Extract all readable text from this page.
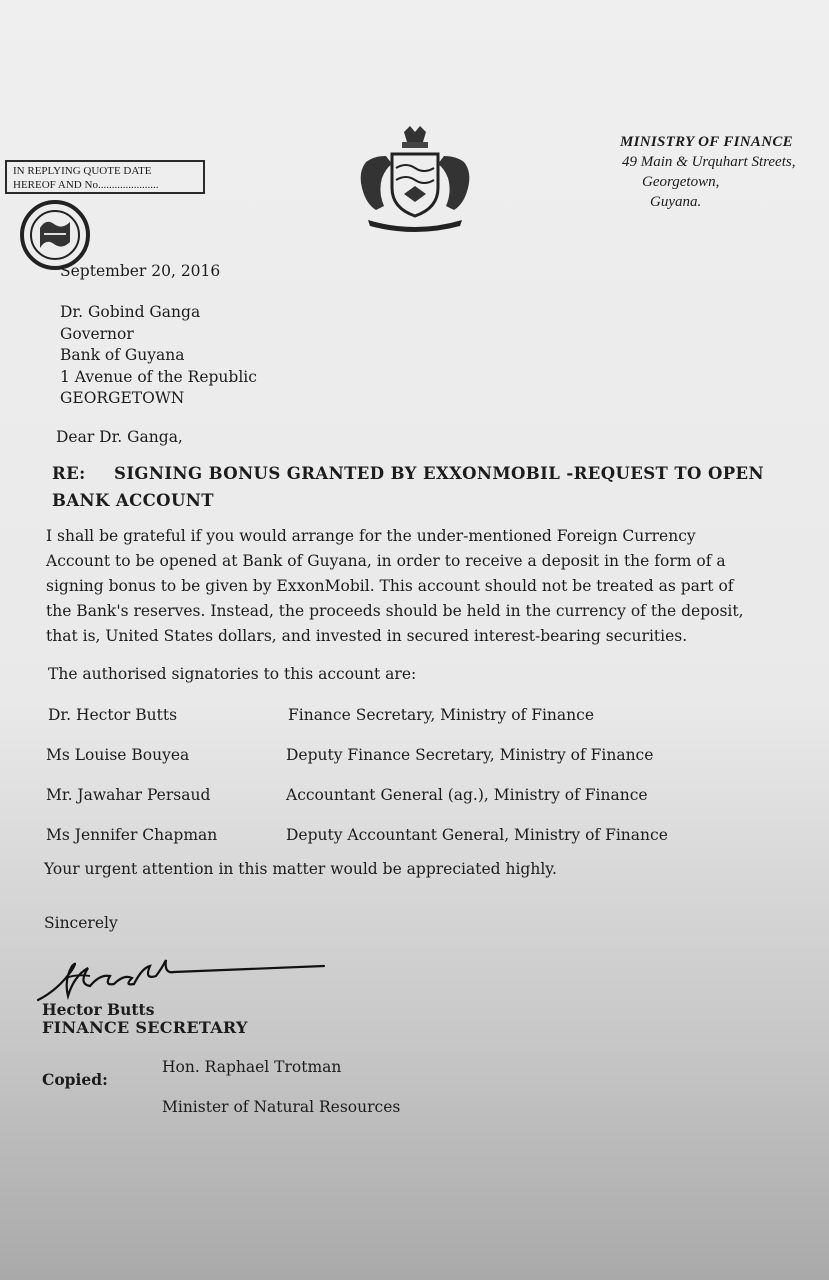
IN REPLYING QUOTE DATE
HEREOF AND No......................
MINISTRY OF FINANCE
49 Main & Urquhart Streets,
Georgetown,
Guyana.
September 20, 2016
Dr. Gobind Ganga
Governor
Bank of Guyana
1 Avenue of the Republic
GEORGETOWN
Dear Dr. Ganga,
RE: SIGNING BONUS GRANTED BY EXXONMOBIL -REQUEST TO OPEN
BANK ACCOUNT
I shall be grateful if you would arrange for the under-mentioned Foreign Currency
Account to be opened at Bank of Guyana, in order to receive a deposit in the form of a
signing bonus to be given by ExxonMobil. This account should not be treated as part of
the Bank's reserves. Instead, the proceeds should be held in the currency of the deposit,
that is, United States dollars, and invested in secured interest-bearing securities.
The authorised signatories to this account are:
Dr. Hector Butts	Finance Secretary, Ministry of Finance
Ms Louise Bouyea	Deputy Finance Secretary, Ministry of Finance
Mr. Jawahar Persaud	Accountant General (ag.), Ministry of Finance
Ms Jennifer Chapman	Deputy Accountant General, Ministry of Finance
Your urgent attention in this matter would be appreciated highly.
Sincerely
Hector Butts
FINANCE SECRETARY
Copied:
Hon. Raphael Trotman
Minister of Natural Resources
